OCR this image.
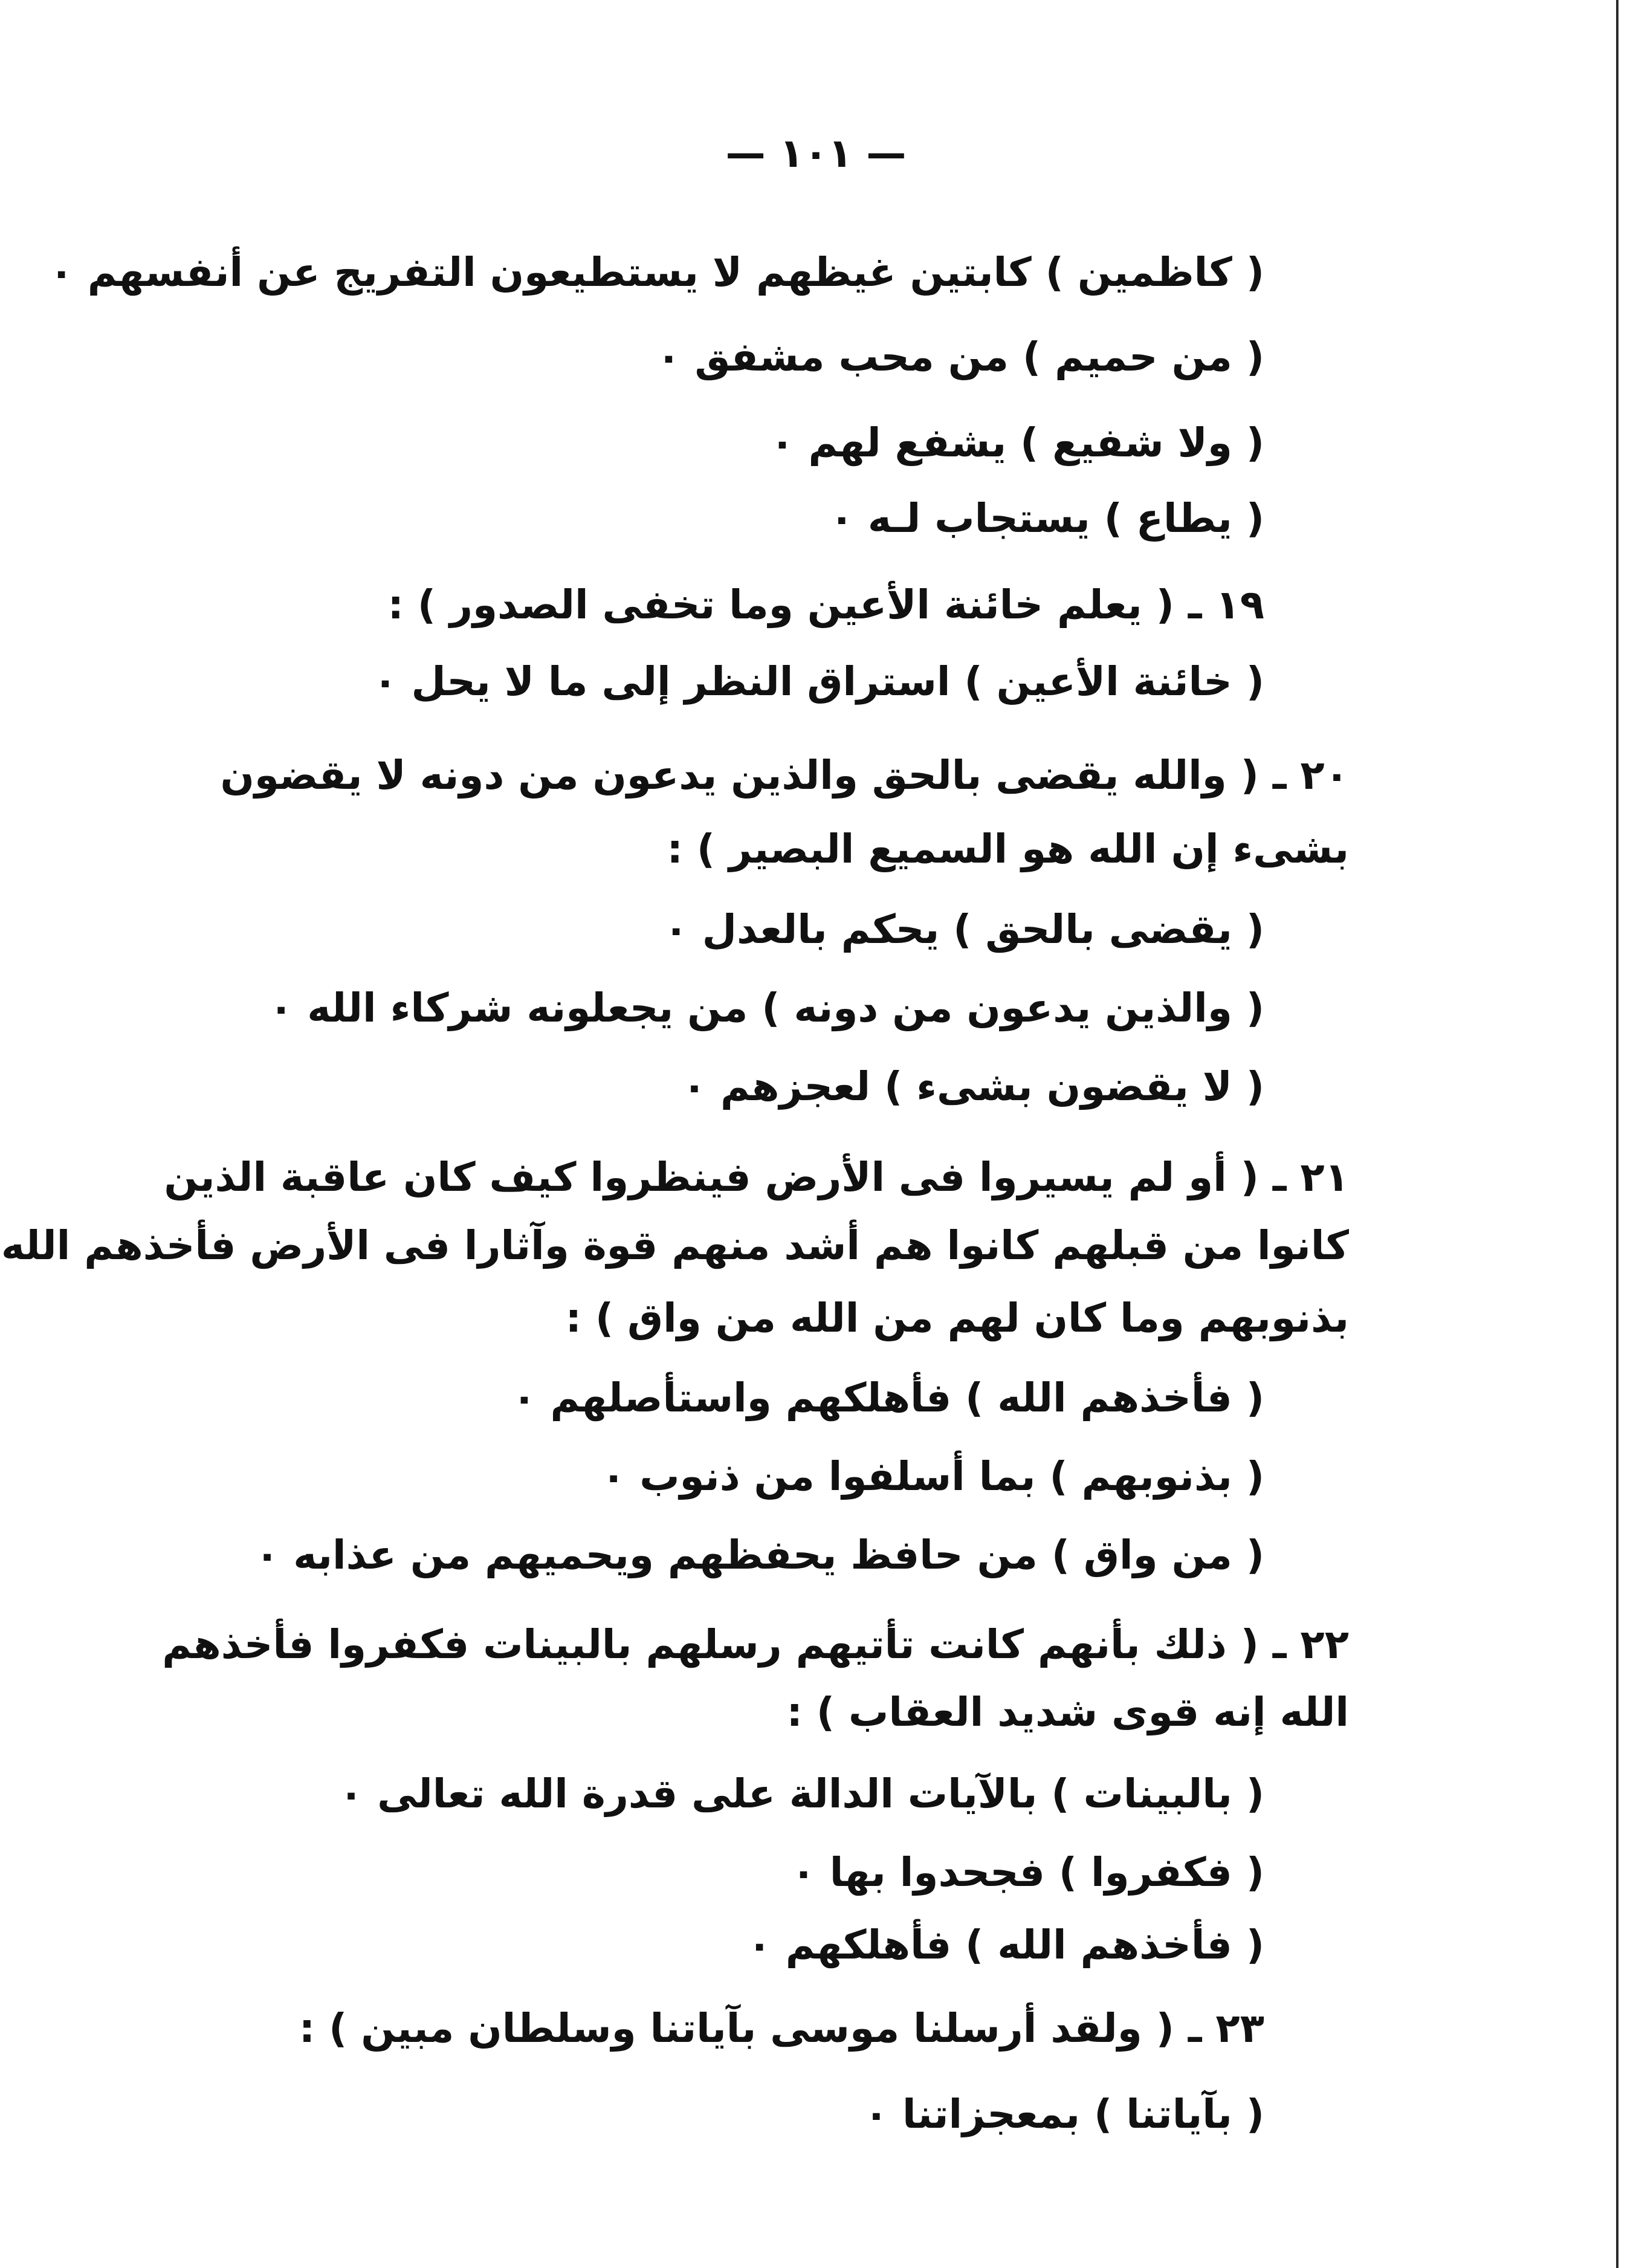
— ١٠١ —
( كاظمين ) كابتين غيظهم لا يستطيعون التفريج عن أنفسهم ٠
( من حميم ) من محب مشفق ٠
( ولا شفيع ) يشفع لهم ٠
( يطاع ) يستجاب لـه ٠
١٩ ـ ( يعلم خائنة الأعين وما تخفى الصدور ) :
( خائنة الأعين ) استراق النظر إلى ما لا يحل ٠
٢٠ ـ ( والله يقضى بالحق والذين يدعون من دونه لا يقضون
بشىء إن الله هو السميع البصير ) :
( يقضى بالحق ) يحكم بالعدل ٠
( والذين يدعون من دونه ) من يجعلونه شركاء الله ٠
( لا يقضون بشىء ) لعجزهم ٠
٢١ ـ ( أو لم يسيروا فى الأرض فينظروا كيف كان عاقبة الذين
كانوا من قبلهم كانوا هم أشد منهم قوة وآثارا فى الأرض فأخذهم الله
بذنوبهم وما كان لهم من الله من واق ) :
( فأخذهم الله ) فأهلكهم واستأصلهم ٠
( بذنوبهم ) بما أسلفوا من ذنوب ٠
( من واق ) من حافظ يحفظهم ويحميهم من عذابه ٠
٢٢ ـ ( ذلك بأنهم كانت تأتيهم رسلهم بالبينات فكفروا فأخذهم
الله إنه قوى شديد العقاب ) :
( بالبينات ) بالآيات الدالة على قدرة الله تعالى ٠
( فكفروا ) فجحدوا بها ٠
( فأخذهم الله ) فأهلكهم ٠
٢٣ ـ ( ولقد أرسلنا موسى بآياتنا وسلطان مبين ) :
( بآياتنا ) بمعجزاتنا ٠
